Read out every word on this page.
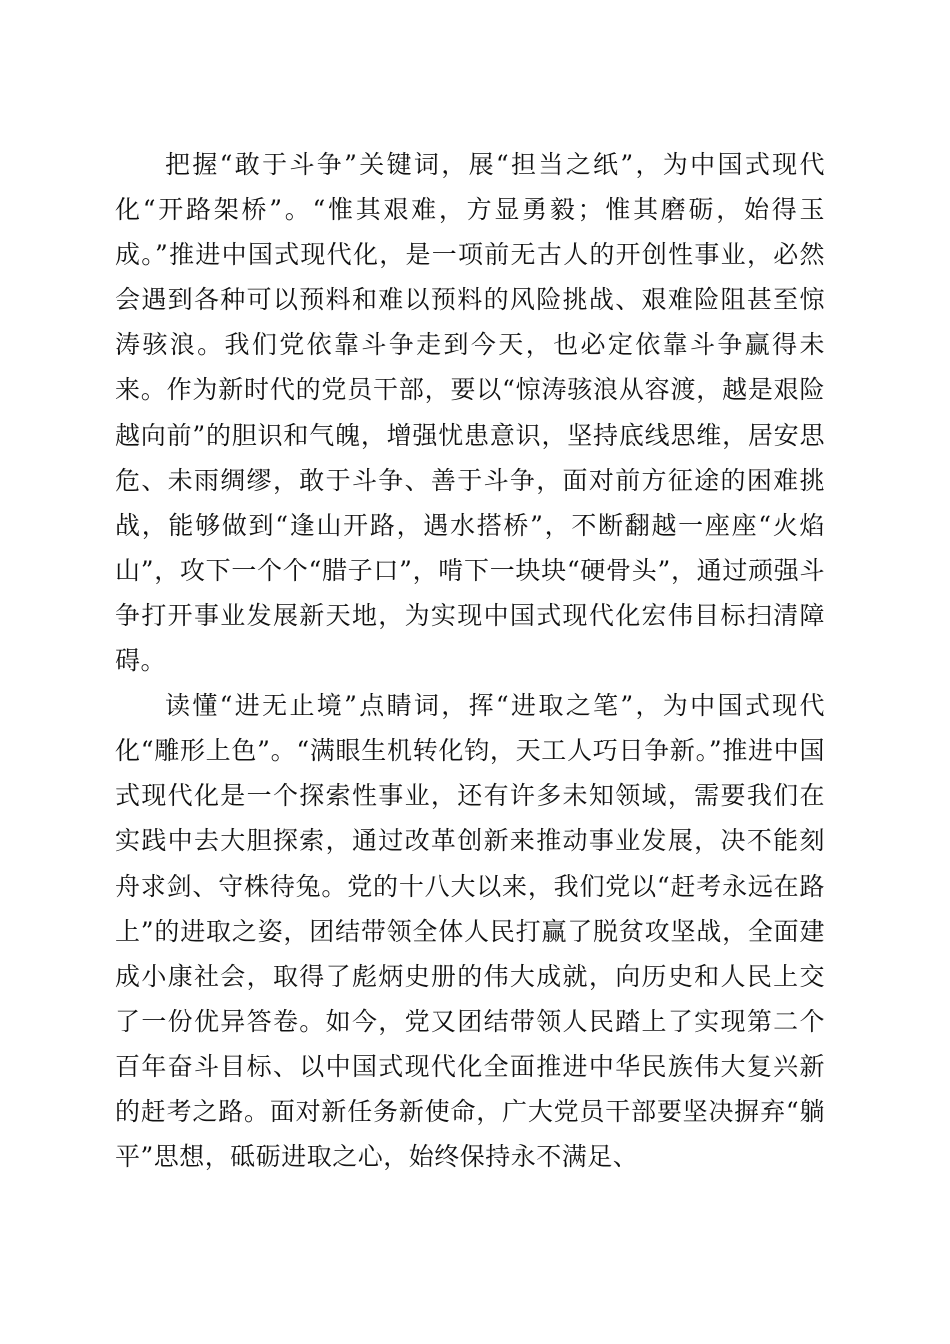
把握“敢于斗争”关键词，展“担当之纸”，为中国式现代化“开路架桥”。“惟其艰难，方显勇毅；惟其磨砺，始得玉成。”推进中国式现代化，是一项前无古人的开创性事业，必然会遇到各种可以预料和难以预料的风险挑战、艰难险阻甚至惊涛骇浪。我们党依靠斗争走到今天，也必定依靠斗争赢得未来。作为新时代的党员干部，要以“惊涛骇浪从容渡，越是艰险越向前”的胆识和气魄，增强忧患意识，坚持底线思维，居安思危、未雨绸缪，敢于斗争、善于斗争，面对前方征途的困难挑战，能够做到“逢山开路，遇水搭桥”，不断翻越一座座“火焰山”，攻下一个个“腊子口”，啃下一块块“硬骨头”，通过顽强斗争打开事业发展新天地，为实现中国式现代化宏伟目标扫清障碍。

读懂“进无止境”点睛词，挥“进取之笔”，为中国式现代化“雕形上色”。“满眼生机转化钧，天工人巧日争新。”推进中国式现代化是一个探索性事业，还有许多未知领域，需要我们在实践中去大胆探索，通过改革创新来推动事业发展，决不能刻舟求剑、守株待兔。党的十八大以来，我们党以“赶考永远在路上”的进取之姿，团结带领全体人民打赢了脱贫攻坚战，全面建成小康社会，取得了彪炳史册的伟大成就，向历史和人民上交了一份优异答卷。如今，党又团结带领人民踏上了实现第二个百年奋斗目标、以中国式现代化全面推进中华民族伟大复兴新的赶考之路。面对新任务新使命，广大党员干部要坚决摒弃“躺平”思想，砥砺进取之心，始终保持永不满足、
